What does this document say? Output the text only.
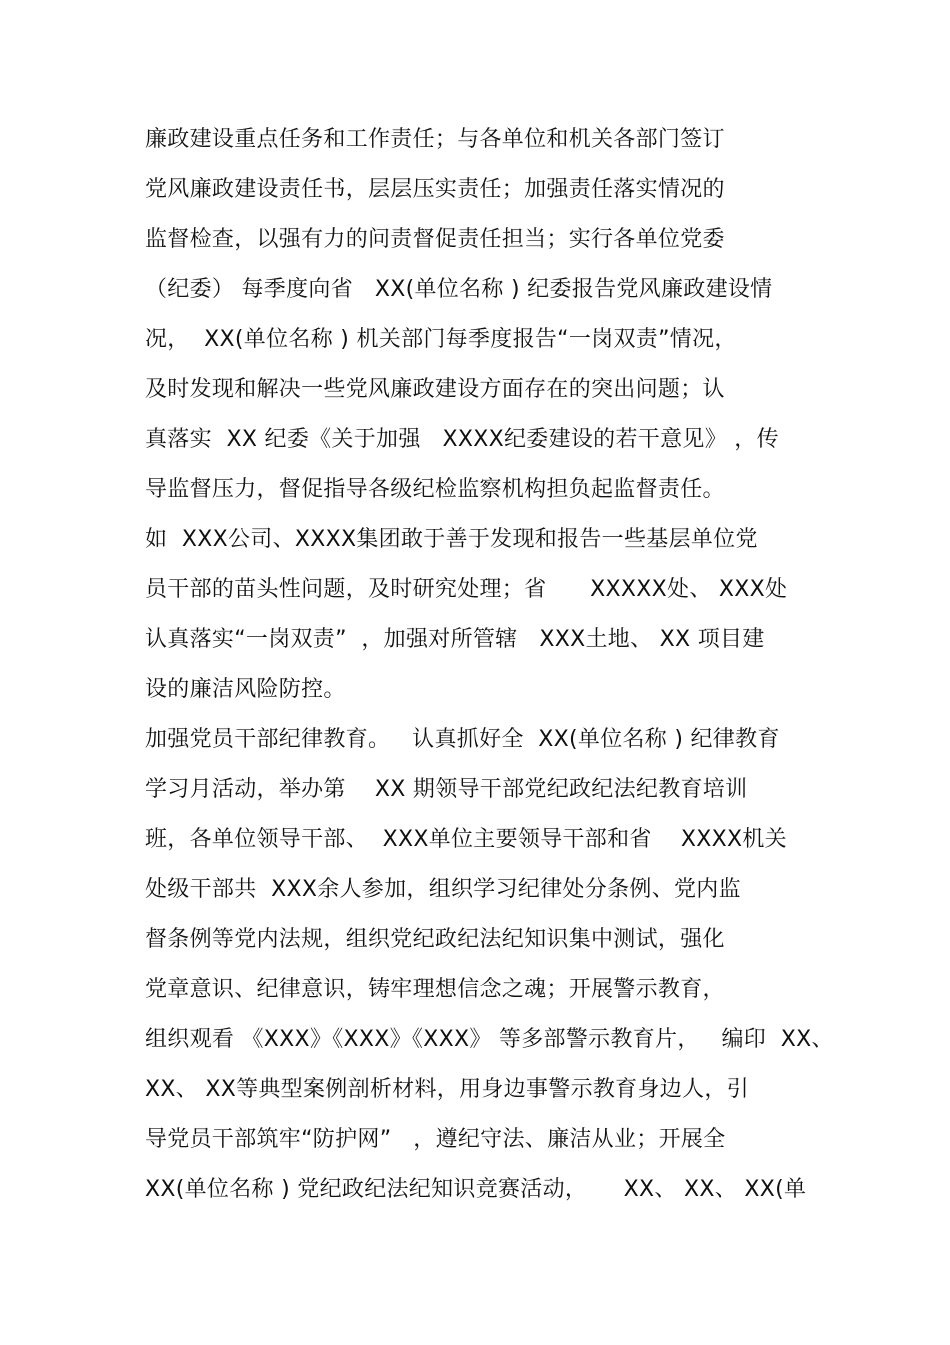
廉政建设重点任务和工作责任；与各单位和机关各部门签订
党风廉政建设责任书，层层压实责任；加强责任落实情况的
监督检查，以强有力的问责督促责任担当；实行各单位党委
（纪委） 每季度向省   XX(单位名称 ) 纪委报告党风廉政建设情
况，  XX(单位名称 ) 机关部门每季度报告“一岗双责”情况，
及时发现和解决一些党风廉政建设方面存在的突出问题；认
真落实  XX 纪委《关于加强   XXXX纪委建设的若干意见》 ，传
导监督压力，督促指导各级纪检监察机构担负起监督责任。
如  XXX公司、XXXX集团敢于善于发现和报告一些基层单位党
员干部的苗头性问题，及时研究处理；省      XXXXX处、 XXX处
认真落实“一岗双责”  ，加强对所管辖   XXX土地、 XX 项目建
设的廉洁风险防控。
加强党员干部纪律教育。   认真抓好全  XX(单位名称 ) 纪律教育
学习月活动，举办第    XX 期领导干部党纪政纪法纪教育培训
班，各单位领导干部、  XXX单位主要领导干部和省    XXXX机关
处级干部共  XXX余人参加，组织学习纪律处分条例、党内监
督条例等党内法规，组织党纪政纪法纪知识集中测试，强化
党章意识、纪律意识，铸牢理想信念之魂；开展警示教育，
组织观看 《XXX》《XXX》《XXX》 等多部警示教育片，   编印  XX、
XX、 XX等典型案例剖析材料，用身边事警示教育身边人，引
导党员干部筑牢“防护网”   ，遵纪守法、廉洁从业；开展全
XX(单位名称 ) 党纪政纪法纪知识竞赛活动，     XX、 XX、 XX(单
